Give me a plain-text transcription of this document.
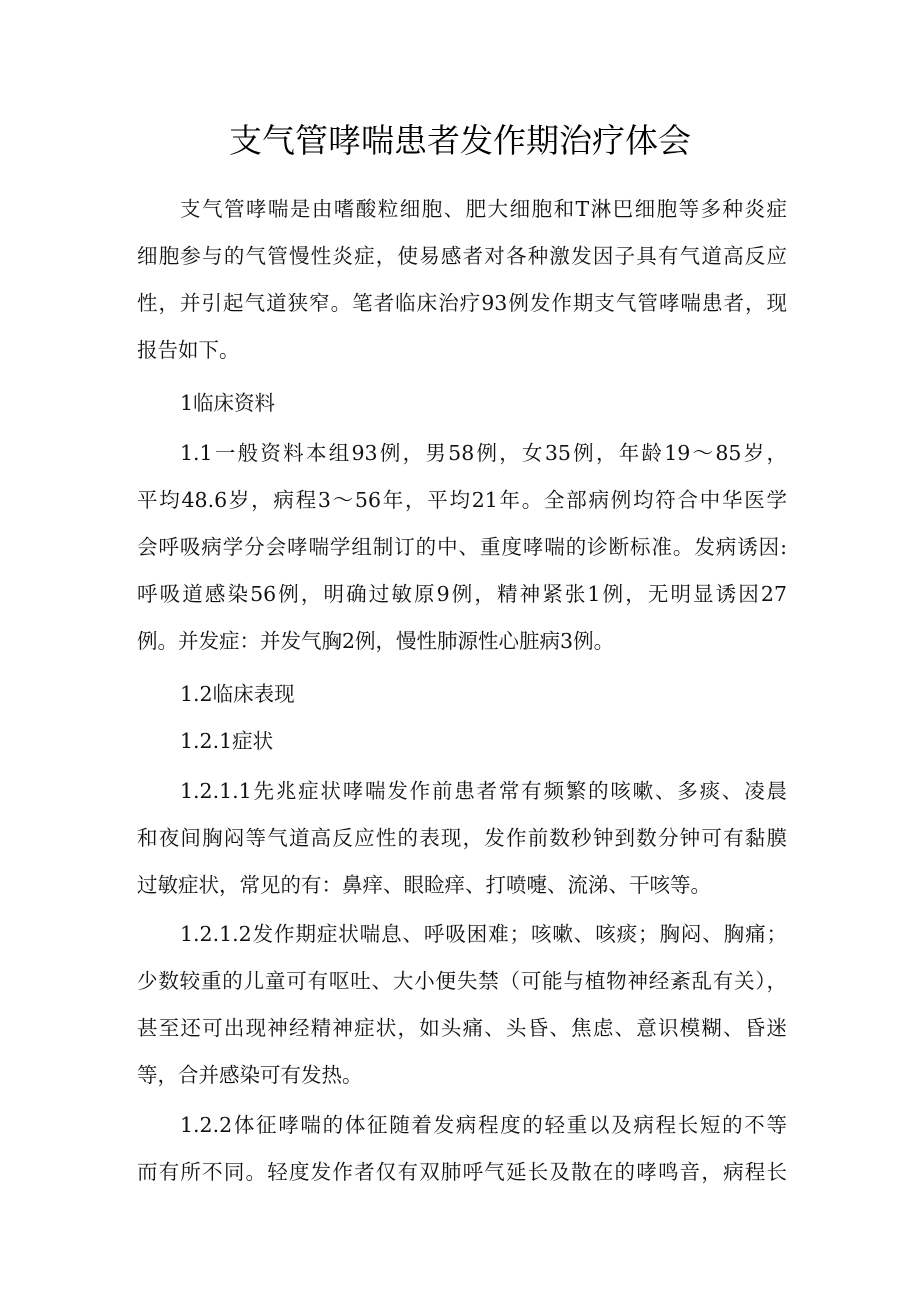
支气管哮喘患者发作期治疗体会
支气管哮喘是由嗜酸粒细胞、肥大细胞和T淋巴细胞等多种炎症
细胞参与的气管慢性炎症，使易感者对各种激发因子具有气道高反应
性，并引起气道狭窄。笔者临床治疗93例发作期支气管哮喘患者，现
报告如下。
1临床资料
1.1一般资料本组93例，男58例，女35例，年龄19～85岁，
平均48.6岁，病程3～56年，平均21年。全部病例均符合中华医学
会呼吸病学分会哮喘学组制订的中、重度哮喘的诊断标准。发病诱因:
呼吸道感染56例，明确过敏原9例，精神紧张1例，无明显诱因27
例。并发症：并发气胸2例，慢性肺源性心脏病3例。
1.2临床表现
1.2.1症状
1.2.1.1先兆症状哮喘发作前患者常有频繁的咳嗽、多痰、凌晨
和夜间胸闷等气道高反应性的表现，发作前数秒钟到数分钟可有黏膜
过敏症状，常见的有：鼻痒、眼睑痒、打喷嚏、流涕、干咳等。
1.2.1.2发作期症状喘息、呼吸困难；咳嗽、咳痰；胸闷、胸痛；
少数较重的儿童可有呕吐、大小便失禁（可能与植物神经紊乱有关），
甚至还可出现神经精神症状，如头痛、头昏、焦虑、意识模糊、昏迷
等，合并感染可有发热。
1.2.2体征哮喘的体征随着发病程度的轻重以及病程长短的不等
而有所不同。轻度发作者仅有双肺呼气延长及散在的哮鸣音，病程长
